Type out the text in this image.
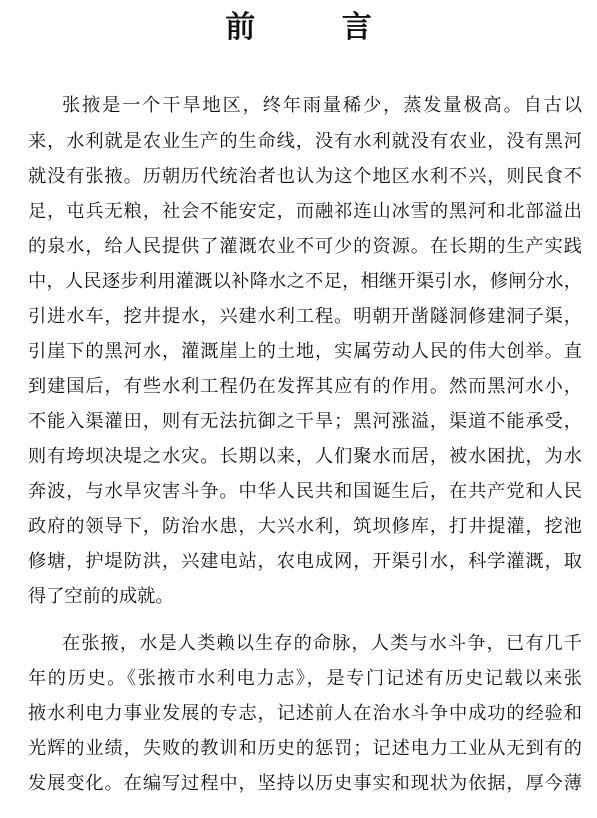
前 言
张掖是一个干旱地区，终年雨量稀少，蒸发量极高。自古以
来，水利就是农业生产的生命线，没有水利就没有农业，没有黑河
就没有张掖。历朝历代统治者也认为这个地区水利不兴，则民食不
足，屯兵无粮，社会不能安定，而融祁连山冰雪的黑河和北部溢出
的泉水，给人民提供了灌溉农业不可少的资源。在长期的生产实践
中，人民逐步利用灌溉以补降水之不足，相继开渠引水，修闸分水，
引进水车，挖井提水，兴建水利工程。明朝开凿隧洞修建洞子渠，
引崖下的黑河水，灌溉崖上的土地，实属劳动人民的伟大创举。直
到建国后，有些水利工程仍在发挥其应有的作用。然而黑河水小，
不能入渠灌田，则有无法抗御之干旱；黑河涨溢，渠道不能承受，
则有垮坝决堤之水灾。长期以来，人们聚水而居，被水困扰，为水
奔波，与水旱灾害斗争。中华人民共和国诞生后，在共产党和人民
政府的领导下，防治水患，大兴水利，筑坝修库，打井提灌，挖池
修塘，护堤防洪，兴建电站，农电成网，开渠引水，科学灌溉，取
得了空前的成就。
在张掖，水是人类赖以生存的命脉，人类与水斗争，已有几千
年的历史。《张掖市水利电力志》，是专门记述有历史记载以来张
掖水利电力事业发展的专志，记述前人在治水斗争中成功的经验和
光辉的业绩，失败的教训和历史的惩罚；记述电力工业从无到有的
发展变化。在编写过程中，坚持以历史事实和现状为依据，厚今薄
